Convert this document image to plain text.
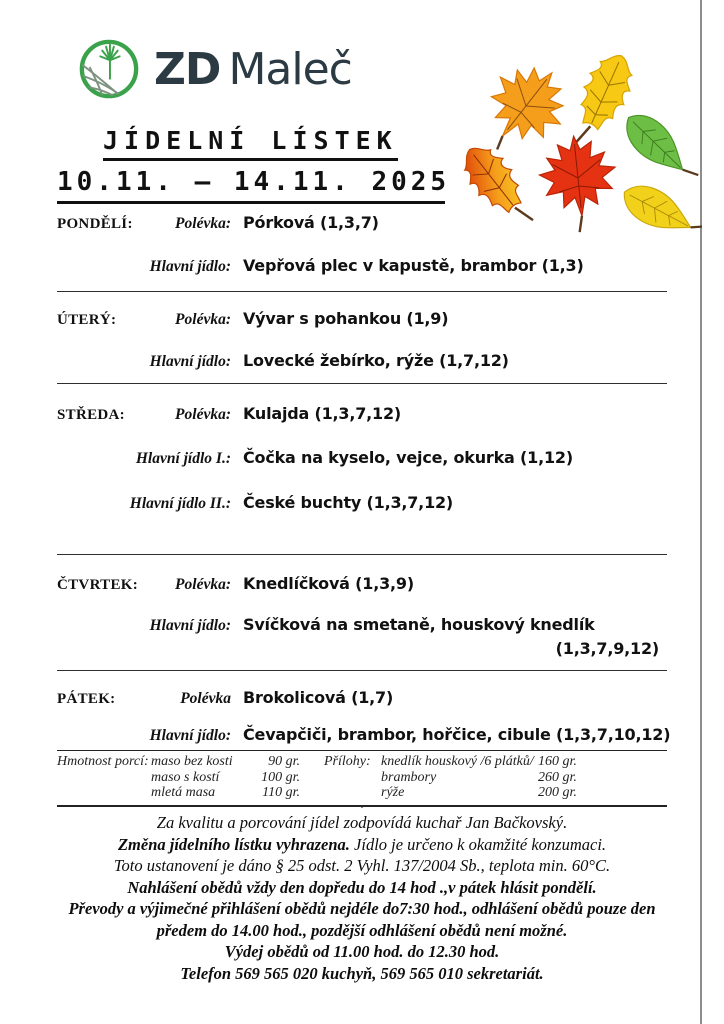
ZD Maleč
JÍDELNÍ LÍSTEK
10.11. – 14.11. 2025
PONDĚLÍ:	Polévka: Pórková (1,3,7)
Hlavní jídlo: Vepřová plec v kapustě, brambor (1,3)
ÚTERÝ:	Polévka: Vývar s pohankou (1,9)
Hlavní jídlo: Lovecké žebírko, rýže (1,7,12)
STŘEDA:	Polévka: Kulajda (1,3,7,12)
Hlavní jídlo I.: Čočka na kyselo, vejce, okurka (1,12)
Hlavní jídlo II.: České buchty (1,3,7,12)
ČTVRTEK: Polévka: Knedlíčková (1,3,9)
Hlavní jídlo: Svíčková na smetaně, houskový knedlík
(1,3,7,9,12)
PÁTEK:	Polévka Brokolicová (1,7)
Hlavní jídlo: Čevapčiči, brambor, hořčice, cibule (1,3,7,10,12)
Hmotnost porcí: maso bez kosti	90 gr.	Přílohy: knedlík houskový /6 plátků/ 160 gr.
maso s kostí	100 gr.	brambory	260 gr.
mletá masa	110 gr.	rýže	200 gr.
.

Za kvalitu a porcování jídel zodpovídá kuchař Jan Bačkovský.

Změna jídelního lístku vyhrazena. Jídlo je určeno k okamžité konzumaci.

Toto ustanovení je dáno § 25 odst. 2 Vyhl. 137/2004 Sb., teplota min. 60°C.

Nahlášení obědů vždy den dopředu do 14 hod .,v pátek hlásit pondělí.

Převody a výjimečné přihlášení obědů nejdéle do7:30 hod., odhlášení obědů pouze den předem do 14.00 hod., pozdější odhlášení obědů není možné.

Výdej obědů od 11.00 hod. do 12.30 hod.

Telefon 569 565 020 kuchyň, 569 565 010 sekretariát.
